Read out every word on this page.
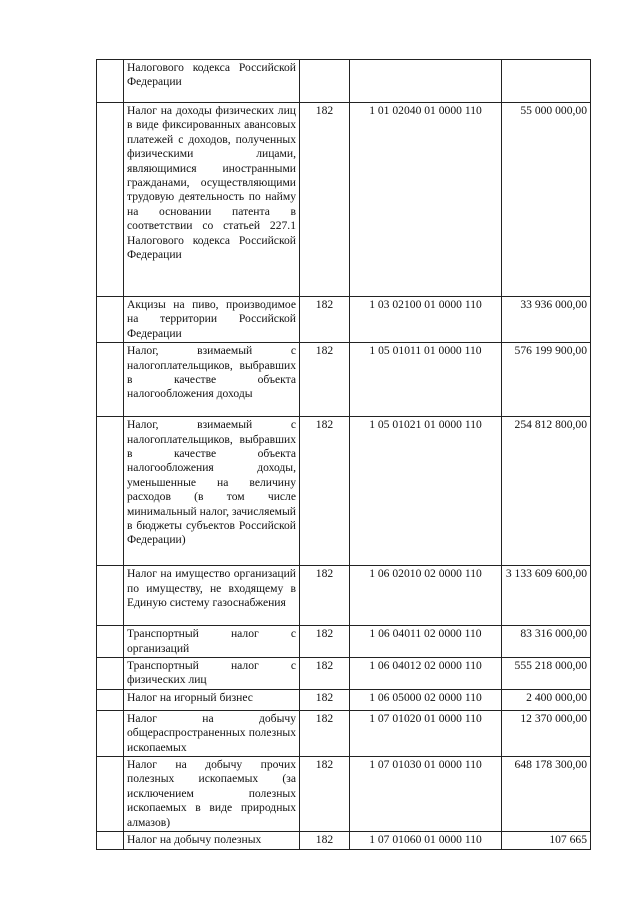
	Налогового кодекса Российской Федерации			
	Налог на доходы физических лиц в виде фиксированных авансовых платежей с доходов, полученных физическими лицами, являющимися иностранными гражданами, осуществляющими трудовую деятельность по найму на основании патента в соответствии со статьей 227.1 Налогового кодекса Российской Федерации	182	1 01 02040 01 0000 110	55 000 000,00
	Акцизы на пиво, производимое на территории Российской Федерации	182	1 03 02100 01 0000 110	33 936 000,00
	Налог, взимаемый с налогоплательщиков, выбравших в качестве объекта налогообложения доходы	182	1 05 01011 01 0000 110	576 199 900,00
	Налог, взимаемый с налогоплательщиков, выбравших в качестве объекта налогообложения доходы, уменьшенные на величину расходов (в том числе минимальный налог, зачисляемый в бюджеты субъектов Российской Федерации)	182	1 05 01021 01 0000 110	254 812 800,00
	Налог на имущество организаций по имуществу, не входящему в Единую систему газоснабжения	182	1 06 02010 02 0000 110	3 133 609 600,00
	Транспортный налог с организаций	182	1 06 04011 02 0000 110	83 316 000,00
	Транспортный налог с физических лиц	182	1 06 04012 02 0000 110	555 218 000,00
	Налог на игорный бизнес	182	1 06 05000 02 0000 110	2 400 000,00
	Налог на добычу общераспространенных полезных ископаемых	182	1 07 01020 01 0000 110	12 370 000,00
	Налог на добычу прочих полезных ископаемых (за исключением полезных ископаемых в виде природных алмазов)	182	1 07 01030 01 0000 110	648 178 300,00
	Налог на добычу полезных	182	1 07 01060 01 0000 110	107 665
